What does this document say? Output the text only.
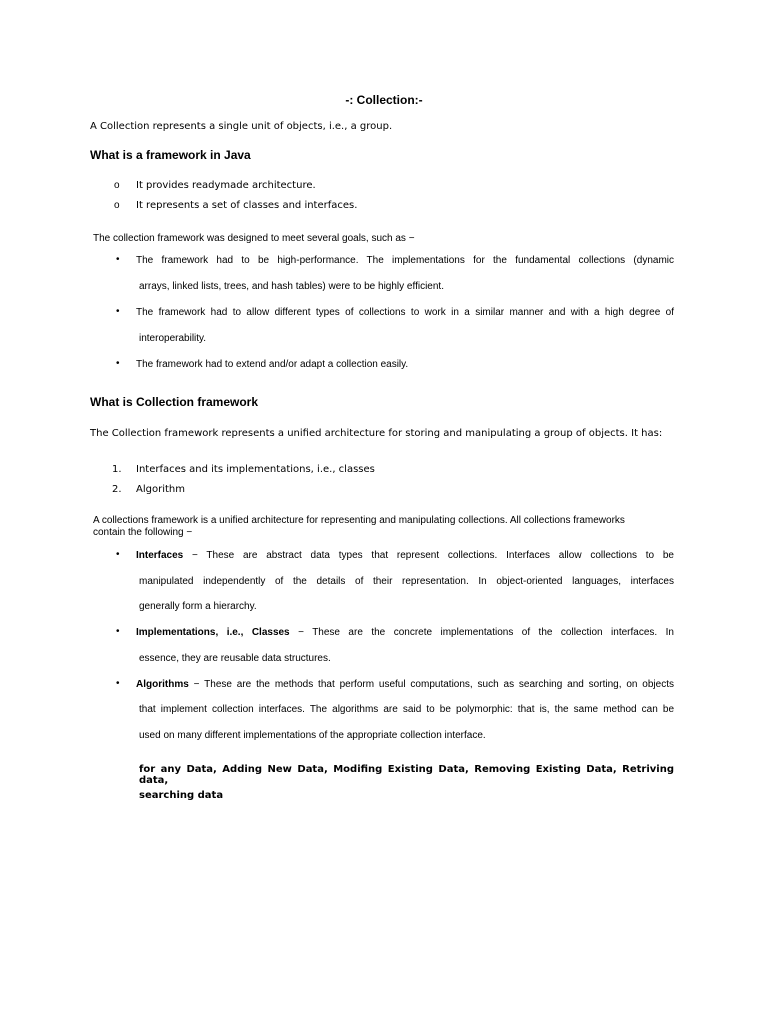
-: Collection:-
A Collection represents a single unit of objects, i.e., a group.
What is a framework in Java
o It provides readymade architecture.
o It represents a set of classes and interfaces.
The collection framework was designed to meet several goals, such as −
• The framework had to be high-performance. The implementations for the fundamental collections (dynamic
arrays, linked lists, trees, and hash tables) were to be highly efficient.
• The framework had to allow different types of collections to work in a similar manner and with a high degree of
interoperability.
• The framework had to extend and/or adapt a collection easily.
What is Collection framework
The Collection framework represents a unified architecture for storing and manipulating a group of objects. It has:
1. Interfaces and its implementations, i.e., classes
2. Algorithm
A collections framework is a unified architecture for representing and manipulating collections. All collections frameworks
contain the following −
• Interfaces − These are abstract data types that represent collections. Interfaces allow collections to be
manipulated independently of the details of their representation. In object-oriented languages, interfaces
generally form a hierarchy.
• Implementations, i.e., Classes − These are the concrete implementations of the collection interfaces. In
essence, they are reusable data structures.
• Algorithms − These are the methods that perform useful computations, such as searching and sorting, on objects
that implement collection interfaces. The algorithms are said to be polymorphic: that is, the same method can be
used on many different implementations of the appropriate collection interface.
for any Data, Adding New Data, Modifing Existing Data, Removing Existing Data, Retriving data,
searching data
